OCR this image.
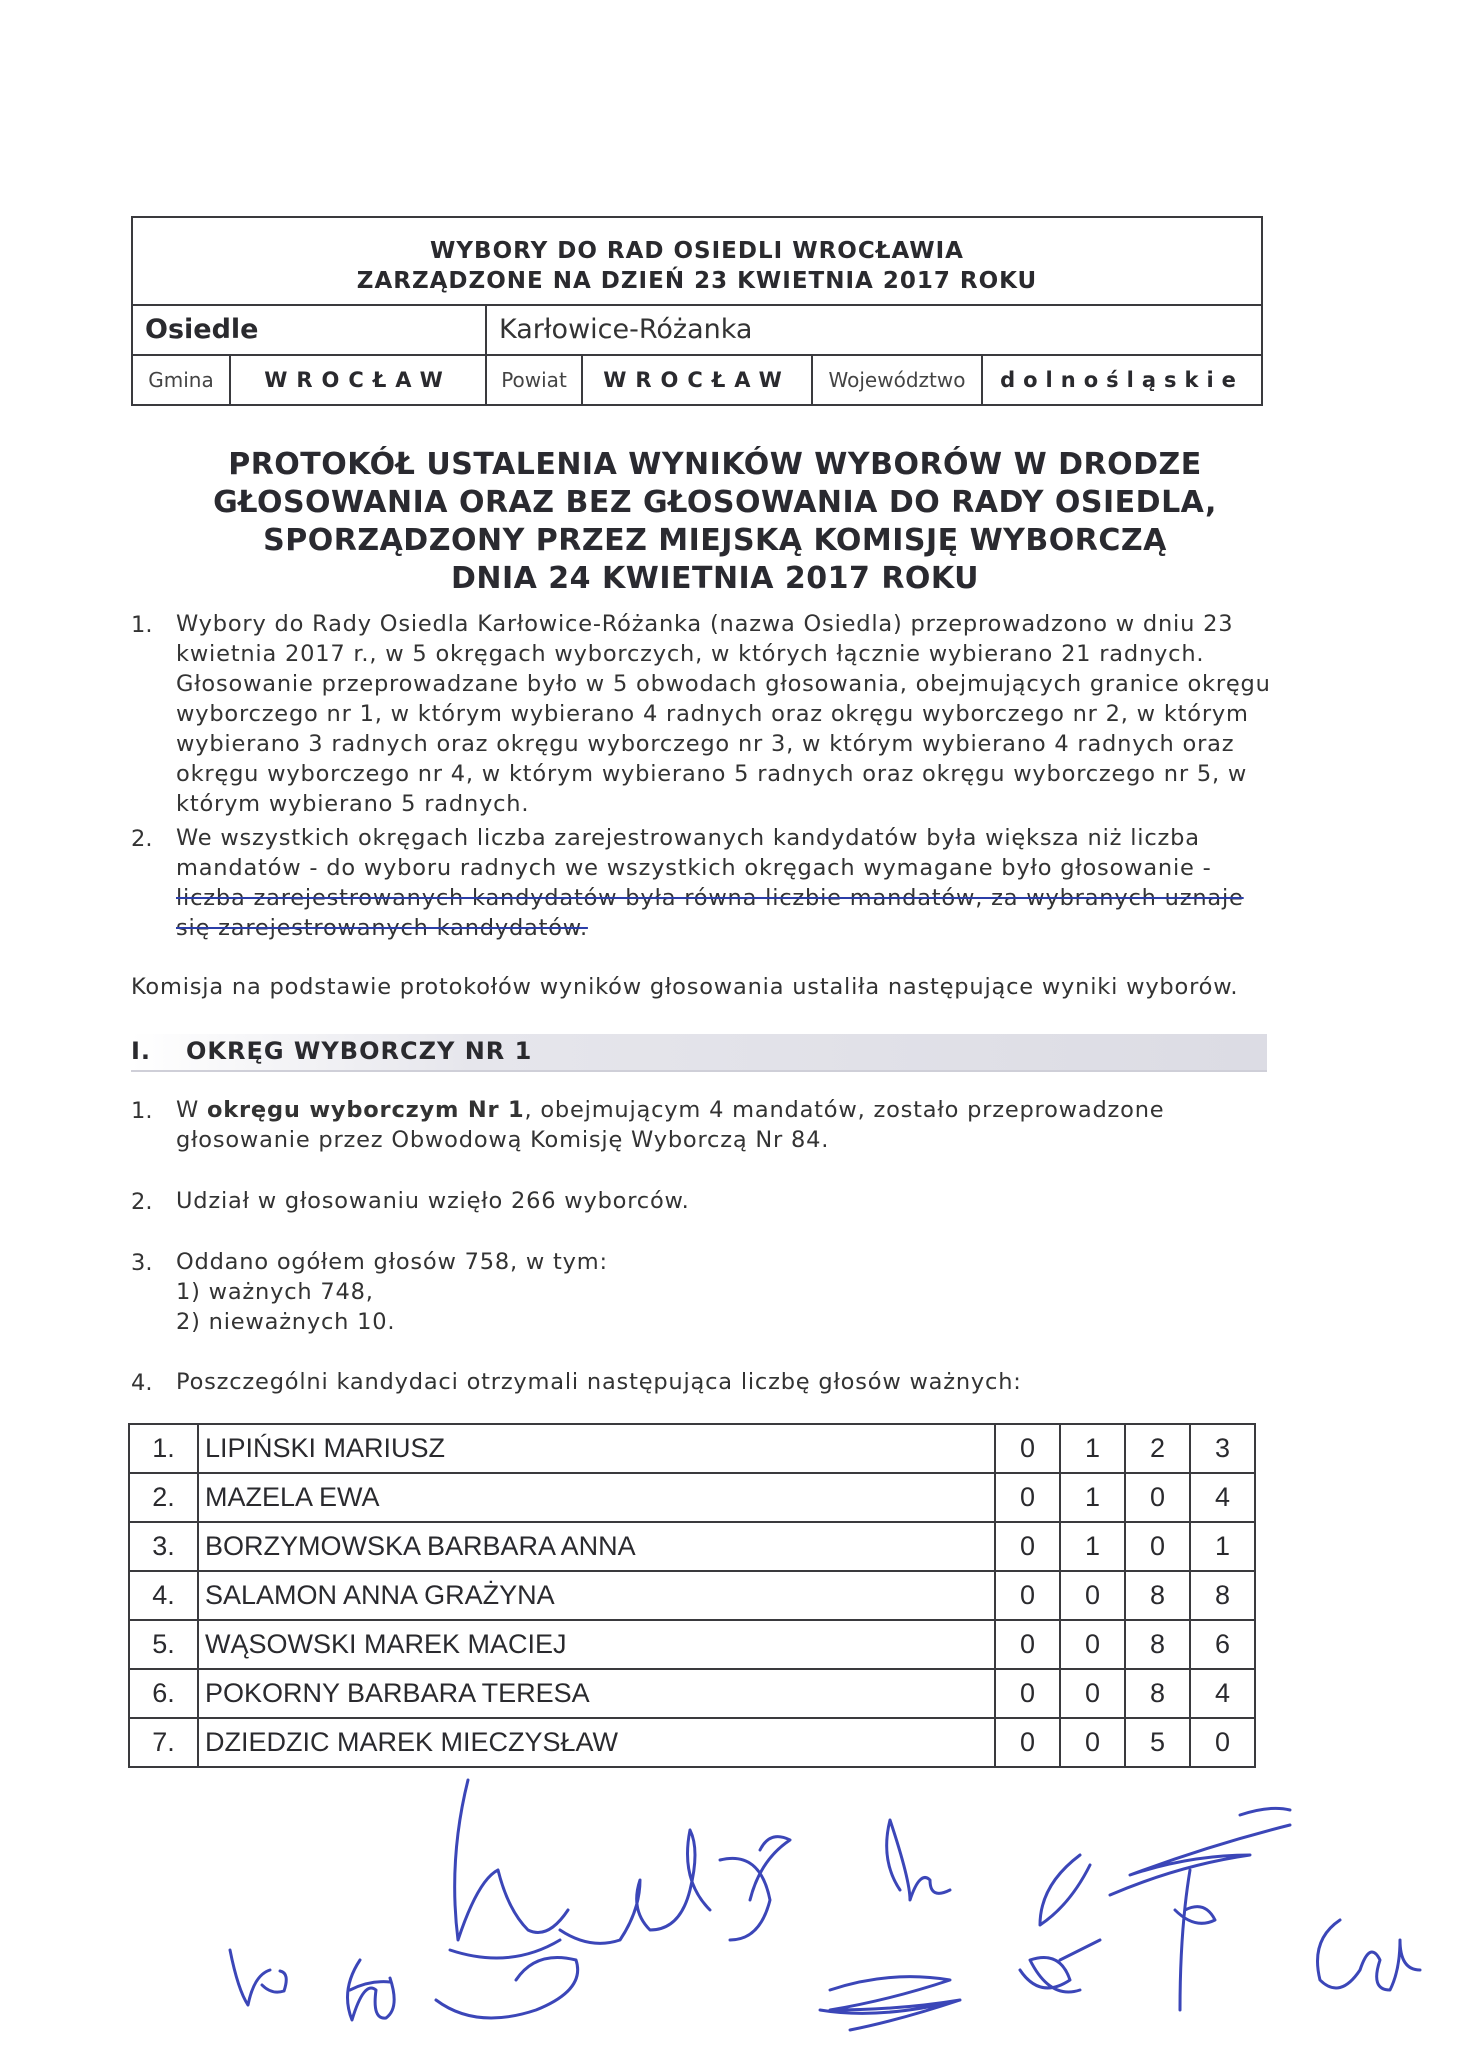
WYBORY DO RAD OSIEDLI WROCŁAWIA
ZARZĄDZONE NA DZIEŃ 23 KWIETNIA 2017 ROKU
Osiedle	Karłowice-Różanka
Gmina	WROCŁAW	Powiat	WROCŁAW	Województwo	dolnośląskie
PROTOKÓŁ USTALENIA WYNIKÓW WYBORÓW W DRODZE
GŁOSOWANIA ORAZ BEZ GŁOSOWANIA DO RADY OSIEDLA,
SPORZĄDZONY PRZEZ MIEJSKĄ KOMISJĘ WYBORCZĄ
DNIA 24 KWIETNIA 2017 ROKU
1. Wybory do Rady Osiedla Karłowice-Różanka (nazwa Osiedla) przeprowadzono w dniu 23
kwietnia 2017 r., w 5 okręgach wyborczych, w których łącznie wybierano 21 radnych.
Głosowanie przeprowadzane było w 5 obwodach głosowania, obejmujących granice okręgu
wyborczego nr 1, w którym wybierano 4 radnych oraz okręgu wyborczego nr 2, w którym
wybierano 3 radnych oraz okręgu wyborczego nr 3, w którym wybierano 4 radnych oraz
okręgu wyborczego nr 4, w którym wybierano 5 radnych oraz okręgu wyborczego nr 5, w
którym wybierano 5 radnych.
2. We wszystkich okręgach liczba zarejestrowanych kandydatów była większa niż liczba
mandatów - do wyboru radnych we wszystkich okręgach wymagane było głosowanie -
liczba zarejestrowanych kandydatów była równa liczbie mandatów, za wybranych uznaje
się zarejestrowanych kandydatów.
Komisja na podstawie protokołów wyników głosowania ustaliła następujące wyniki wyborów.
I. OKRĘG WYBORCZY NR 1
1. W okręgu wyborczym Nr 1, obejmującym 4 mandatów, zostało przeprowadzone
głosowanie przez Obwodową Komisję Wyborczą Nr 84.
2. Udział w głosowaniu wzięło 266 wyborców.
3. Oddano ogółem głosów 758, w tym:
1) ważnych 748,
2) nieważnych 10.
4. Poszczególni kandydaci otrzymali następująca liczbę głosów ważnych:
1.	LIPIŃSKI MARIUSZ	0	1	2	3
2.	MAZELA EWA	0	1	0	4
3.	BORZYMOWSKA BARBARA ANNA	0	1	0	1
4.	SALAMON ANNA GRAŻYNA	0	0	8	8
5.	WĄSOWSKI MAREK MACIEJ	0	0	8	6
6.	POKORNY BARBARA TERESA	0	0	8	4
7.	DZIEDZIC MAREK MIECZYSŁAW	0	0	5	0
